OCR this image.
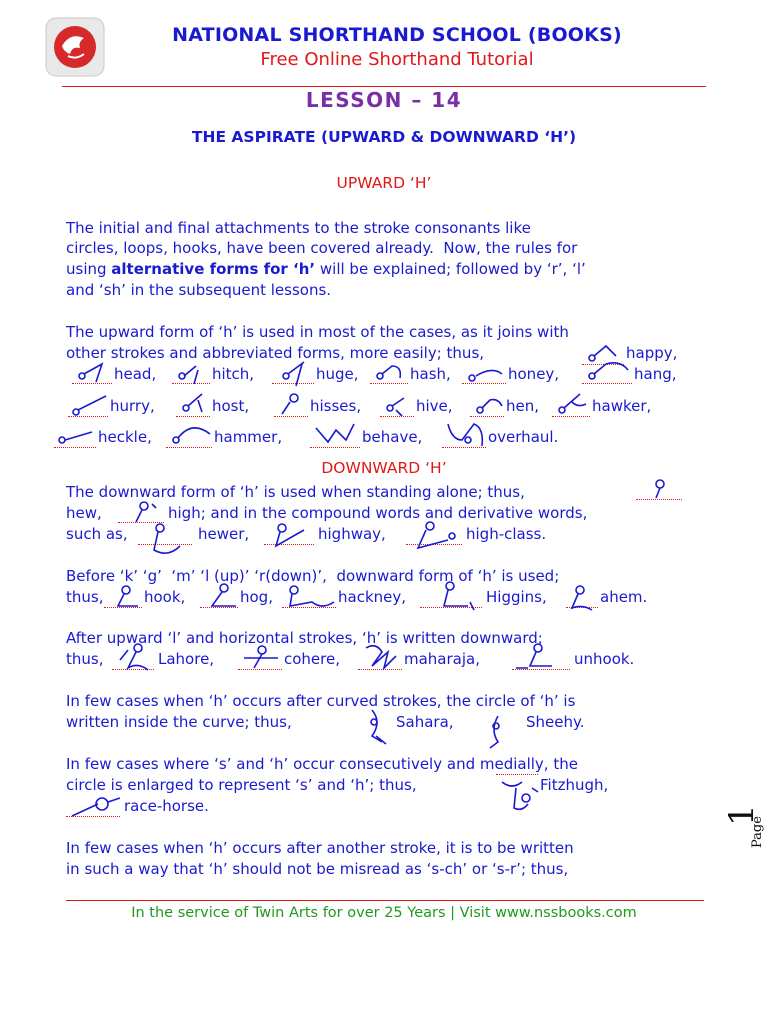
NATIONAL SHORTHAND SCHOOL (BOOKS)
Free Online Shorthand Tutorial
LESSON – 14
THE ASPIRATE (UPWARD & DOWNWARD ‘H’)
UPWARD ‘H’
The initial and final attachments to the stroke consonants like
circles, loops, hooks, have been covered already.  Now, the rules for
using alternative forms for ‘h’ will be explained; followed by ‘r’, ‘l’
and ‘sh’ in the subsequent lessons.
The upward form of ‘h’ is used in most of the cases, as it joins with
other strokes and abbreviated forms, more easily; thus,	happy,
head,	hitch,	huge,	hash,	honey,	hang,
hurry,	host,	hisses,	hive,	hen,	hawker,
heckle,	hammer,	behave,	overhaul.
DOWNWARD ‘H’
The downward form of ‘h’ is used when standing alone; thus,
hew,	high; and in the compound words and derivative words,
such as,	hewer,	highway,	high-class.
Before ‘k’ ‘g’  ‘m’ ‘l (up)’ ‘r(down)’,  downward form of ‘h’ is used;
thus,	hook,	hog,	hackney,	Higgins,	ahem.
After upward ‘l’ and horizontal strokes, ‘h’ is written downward;
thus,	Lahore,	cohere,	maharaja,	unhook.
In few cases when ‘h’ occurs after curved strokes, the circle of ‘h’ is
written inside the curve; thus,	Sahara,	Sheehy.
In few cases where ‘s’ and ‘h’ occur consecutively and medially, the
circle is enlarged to represent ‘s’ and ‘h’; thus,	Fitzhugh,
race-horse.
In few cases when ‘h’ occurs after another stroke, it is to be written
in such a way that ‘h’ should not be misread as ‘s-ch’ or ‘s-r’; thus,
In the service of Twin Arts for over 25 Years | Visit www.nssbooks.com
Page
1
